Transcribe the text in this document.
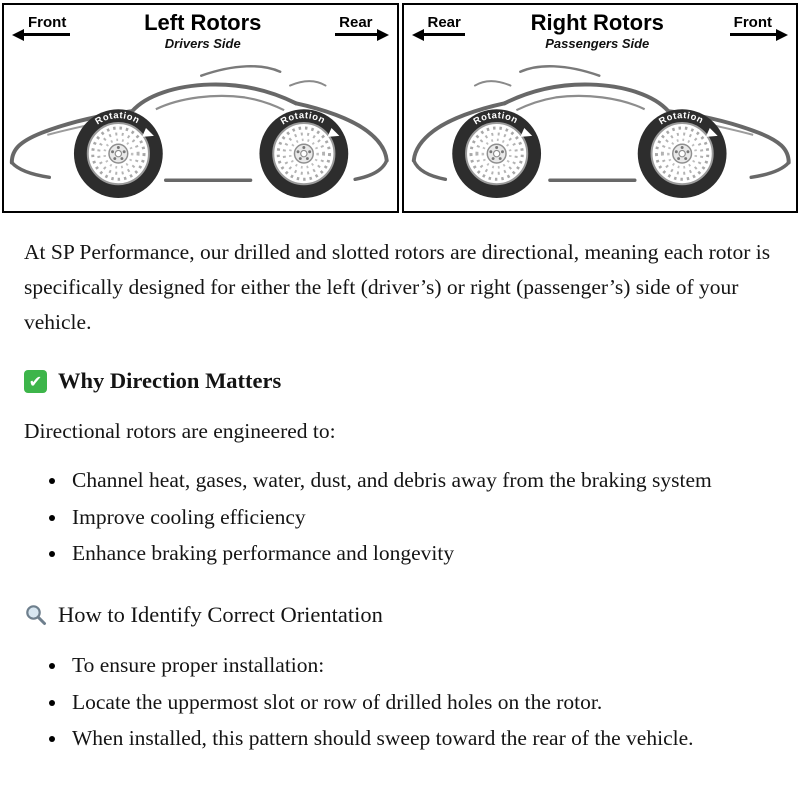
Front	Left Rotors
Drivers Side
Rear
Rotation	Rotation
Rear	Right Rotors
Passengers Side
Front
Rotation	Rotation

At SP Performance, our drilled and slotted rotors are directional, meaning each rotor is specifically designed for either the left (driver’s) or right (passenger’s) side of your vehicle.

✔ Why Direction Matters

Directional rotors are engineered to:

• Channel heat, gases, water, dust, and debris away from the braking system
• Improve cooling efficiency
• Enhance braking performance and longevity
How to Identify Correct Orientation
• To ensure proper installation:
• Locate the uppermost slot or row of drilled holes on the rotor.
• When installed, this pattern should sweep toward the rear of the vehicle.
